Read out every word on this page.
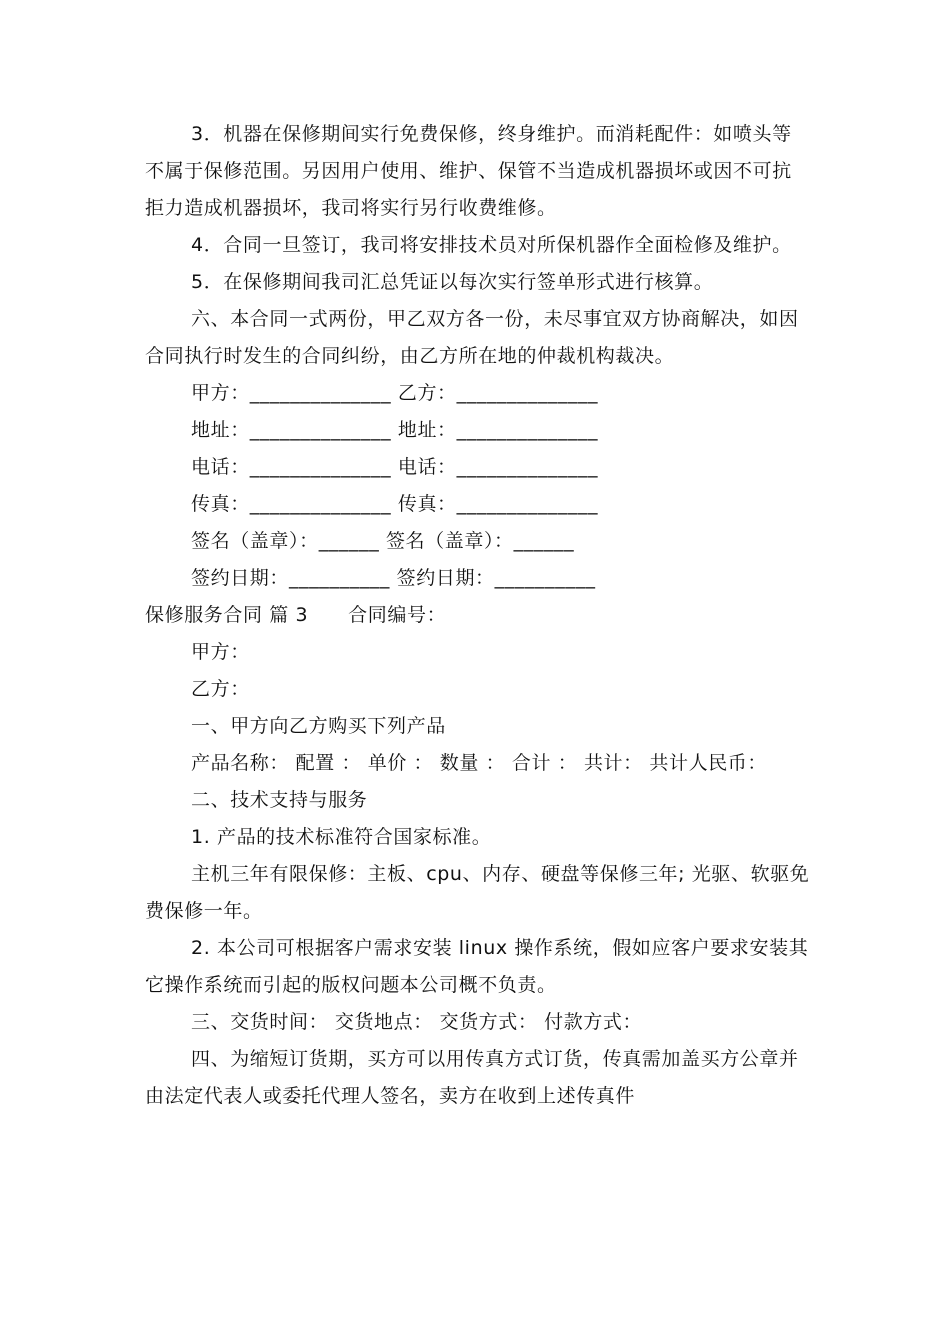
3．机器在保修期间实行免费保修，终身维护。而消耗配件：如喷头等不属于保修范围。另因用户使用、维护、保管不当造成机器损坏或因不可抗拒力造成机器损坏，我司将实行另行收费维修。

4．合同一旦签订，我司将安排技术员对所保机器作全面检修及维护。

5．在保修期间我司汇总凭证以每次实行签单形式进行核算。

六、本合同一式两份，甲乙双方各一份，未尽事宜双方协商解决，如因合同执行时发生的合同纠纷，由乙方所在地的仲裁机构裁决。

甲方：______________ 乙方：______________

地址：______________ 地址：______________

电话：______________ 电话：______________

传真：______________ 传真：______________

签名（盖章）：______ 签名（盖章）：______

签约日期：__________ 签约日期：__________

保修服务合同 篇 3 合同编号：

甲方：

乙方：

一、甲方向乙方购买下列产品

产品名称： 配置 ： 单价 ： 数量 ： 合计 ： 共计： 共计人民币：

二、技术支持与服务

1. 产品的技术标准符合国家标准。

主机三年有限保修：主板、cpu、内存、硬盘等保修三年; 光驱、软驱免费保修一年。

2. 本公司可根据客户需求安装 linux 操作系统，假如应客户要求安装其它操作系统而引起的版权问题本公司概不负责。

三、交货时间： 交货地点： 交货方式： 付款方式：

四、为缩短订货期，买方可以用传真方式订货，传真需加盖买方公章并由法定代表人或委托代理人签名，卖方在收到上述传真件
